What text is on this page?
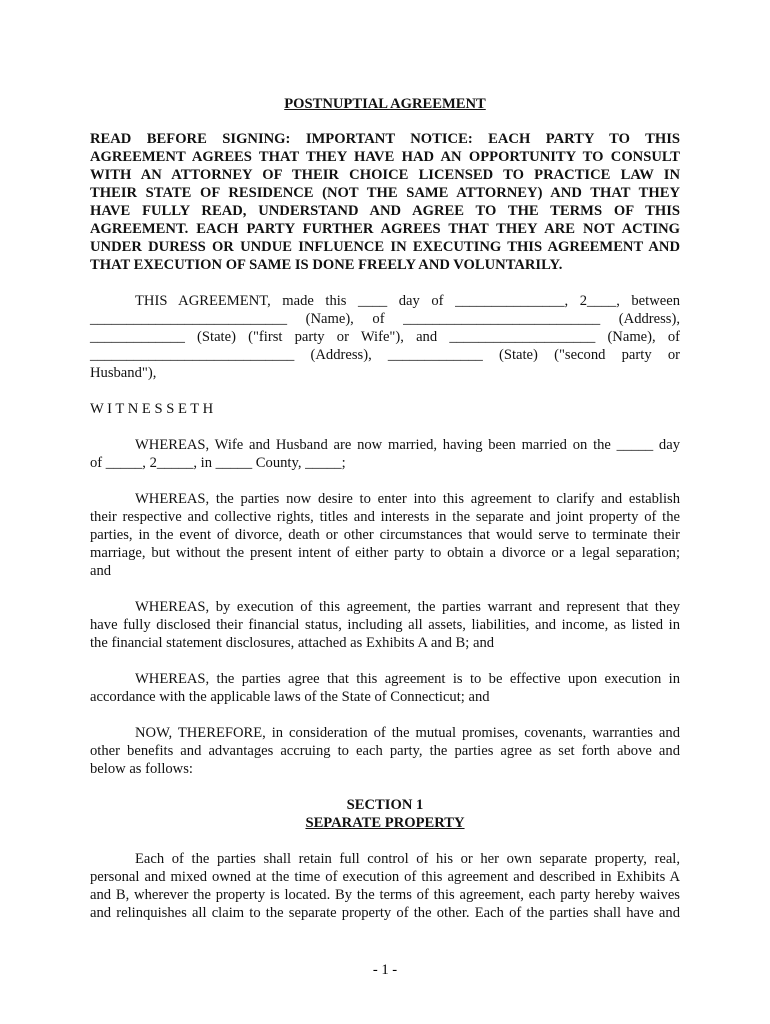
POSTNUPTIAL AGREEMENT

READ BEFORE SIGNING: IMPORTANT NOTICE: EACH PARTY TO THIS
AGREEMENT AGREES THAT THEY HAVE HAD AN OPPORTUNITY TO CONSULT
WITH AN ATTORNEY OF THEIR CHOICE LICENSED TO PRACTICE LAW IN
THEIR STATE OF RESIDENCE (NOT THE SAME ATTORNEY) AND THAT THEY
HAVE FULLY READ, UNDERSTAND AND AGREE TO THE TERMS OF THIS
AGREEMENT. EACH PARTY FURTHER AGREES THAT THEY ARE NOT ACTING
UNDER DURESS OR UNDUE INFLUENCE IN EXECUTING THIS AGREEMENT AND
THAT EXECUTION OF SAME IS DONE FREELY AND VOLUNTARILY.
THIS AGREEMENT, made this ____ day of _______________, 2____, between
___________________________ (Name), of ___________________________ (Address),
_____________ (State) ("first party or Wife"), and ____________________ (Name), of
____________________________ (Address), _____________ (State) ("second party or
Husband"),

W I T N E S S E T H

WHEREAS, Wife and Husband are now married, having been married on the _____ day
of _____, 2_____, in _____ County, _____;
WHEREAS, the parties now desire to enter into this agreement to clarify and establish
their respective and collective rights, titles and interests in the separate and joint property of the
parties, in the event of divorce, death or other circumstances that would serve to terminate their
marriage, but without the present intent of either party to obtain a divorce or a legal separation;
and
WHEREAS, by execution of this agreement, the parties warrant and represent that they
have fully disclosed their financial status, including all assets, liabilities, and income, as listed in
the financial statement disclosures, attached as Exhibits A and B; and
WHEREAS, the parties agree that this agreement is to be effective upon execution in
accordance with the applicable laws of the State of Connecticut; and
NOW, THEREFORE, in consideration of the mutual promises, covenants, warranties and
other benefits and advantages accruing to each party, the parties agree as set forth above and
below as follows:

SECTION 1

SEPARATE PROPERTY

Each of the parties shall retain full control of his or her own separate property, real,
personal and mixed owned at the time of execution of this agreement and described in Exhibits A
and B, wherever the property is located. By the terms of this agreement, each party hereby waives
and relinquishes all claim to the separate property of the other. Each of the parties shall have and
- 1 -
